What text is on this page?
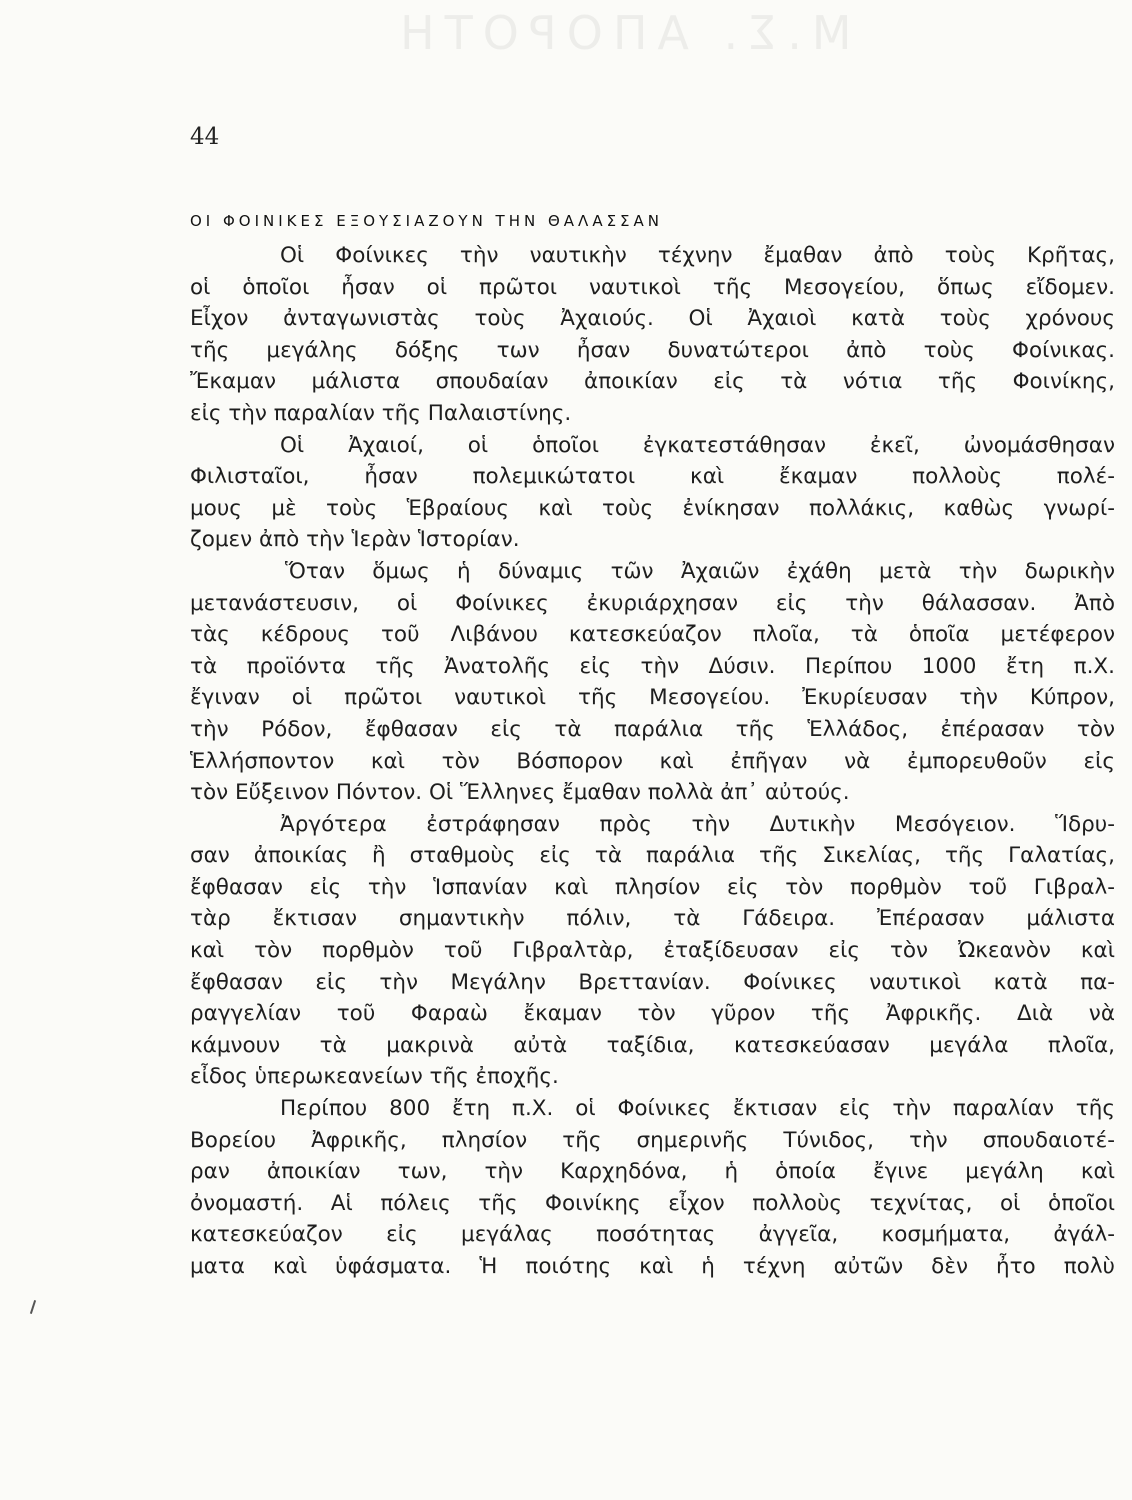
Μ.Σ. ΑΠΟΡΟΤΗ
44
ΟΙ ΦΟΙΝΙΚΕΣ ΕΞΟΥΣΙΑΖΟΥΝ ΤΗΝ ΘΑΛΑΣΣΑΝ
Οἱ Φοίνικες τὴν ναυτικὴν τέχνην ἔμαθαν ἀπὸ τοὺς Κρῆτας,
οἱ ὁποῖοι ἦσαν οἱ πρῶτοι ναυτικοὶ τῆς Μεσογείου, ὅπως εἴδομεν.
Εἶχον ἀνταγωνιστὰς τοὺς Ἀχαιούς. Οἱ Ἀχαιοὶ κατὰ τοὺς χρόνους
τῆς μεγάλης δόξης των ἦσαν δυνατώτεροι ἀπὸ τοὺς Φοίνικας.
Ἔκαμαν μάλιστα σπουδαίαν ἀποικίαν εἰς τὰ νότια τῆς Φοινίκης,
εἰς τὴν παραλίαν τῆς Παλαιστίνης.
Οἱ Ἀχαιοί, οἱ ὁποῖοι ἐγκατεστάθησαν ἐκεῖ, ὠνομάσθησαν
Φιλισταῖοι, ἦσαν πολεμικώτατοι καὶ ἔκαμαν πολλοὺς πολέ-
μους μὲ τοὺς Ἑβραίους καὶ τοὺς ἐνίκησαν πολλάκις, καθὼς γνωρί-
ζομεν ἀπὸ τὴν Ἱερὰν Ἱστορίαν.
Ὅταν ὅμως ἡ δύναμις τῶν Ἀχαιῶν ἐχάθη μετὰ τὴν δωρικὴν
μετανάστευσιν, οἱ Φοίνικες ἐκυριάρχησαν εἰς τὴν θάλασσαν. Ἀπὸ
τὰς κέδρους τοῦ Λιβάνου κατεσκεύαζον πλοῖα, τὰ ὁποῖα μετέφερον
τὰ προϊόντα τῆς Ἀνατολῆς εἰς τὴν Δύσιν. Περίπου 1000 ἔτη π.Χ.
ἔγιναν οἱ πρῶτοι ναυτικοὶ τῆς Μεσογείου. Ἐκυρίευσαν τὴν Κύπρον,
τὴν Ρόδον, ἔφθασαν εἰς τὰ παράλια τῆς Ἑλλάδος, ἐπέρασαν τὸν
Ἑλλήσποντον καὶ τὸν Βόσπορον καὶ ἐπῆγαν νὰ ἐμπορευθοῦν εἰς
τὸν Εὔξεινον Πόντον. Οἱ Ἕλληνες ἔμαθαν πολλὰ ἀπ᾽ αὐτούς.
Ἀργότερα ἐστράφησαν πρὸς τὴν Δυτικὴν Μεσόγειον. Ἵδρυ-
σαν ἀποικίας ἢ σταθμοὺς εἰς τὰ παράλια τῆς Σικελίας, τῆς Γαλατίας,
ἔφθασαν εἰς τὴν Ἱσπανίαν καὶ πλησίον εἰς τὸν πορθμὸν τοῦ Γιβραλ-
τὰρ ἔκτισαν σημαντικὴν πόλιν, τὰ Γάδειρα. Ἐπέρασαν μάλιστα
καὶ τὸν πορθμὸν τοῦ Γιβραλτὰρ, ἐταξίδευσαν εἰς τὸν Ὠκεανὸν καὶ
ἔφθασαν εἰς τὴν Μεγάλην Βρεττανίαν. Φοίνικες ναυτικοὶ κατὰ πα-
ραγγελίαν τοῦ Φαραὼ ἔκαμαν τὸν γῦρον τῆς Ἀφρικῆς. Διὰ νὰ
κάμνουν τὰ μακρινὰ αὐτὰ ταξίδια, κατεσκεύασαν μεγάλα πλοῖα,
εἶδος ὑπερωκεανείων τῆς ἐποχῆς.
Περίπου 800 ἔτη π.Χ. οἱ Φοίνικες ἔκτισαν εἰς τὴν παραλίαν τῆς
Βορείου Ἀφρικῆς, πλησίον τῆς σημερινῆς Τύνιδος, τὴν σπουδαιοτέ-
ραν ἀποικίαν των, τὴν Καρχηδόνα, ἡ ὁποία ἔγινε μεγάλη καὶ
ὀνομαστή. Αἱ πόλεις τῆς Φοινίκης εἶχον πολλοὺς τεχνίτας, οἱ ὁποῖοι
κατεσκεύαζον εἰς μεγάλας ποσότητας ἀγγεῖα, κοσμήματα, ἀγάλ-
ματα καὶ ὑφάσματα. Ἡ ποιότης καὶ ἡ τέχνη αὐτῶν δὲν ἦτο πολὺ
